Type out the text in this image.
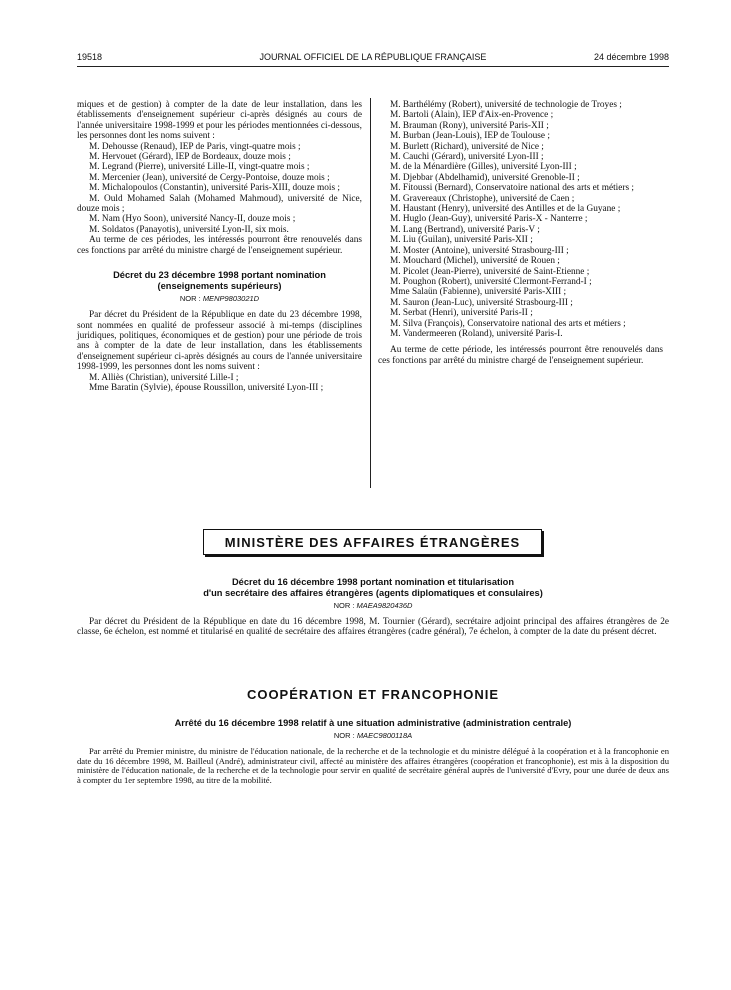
19518	JOURNAL OFFICIEL DE LA RÉPUBLIQUE FRANÇAISE	24 décembre 1998

miques et de gestion) à compter de la date de leur installation, dans les établissements d'enseignement supérieur ci-après désignés au cours de l'année universitaire 1998-1999 et pour les périodes mentionnées ci-dessous, les personnes dont les noms suivent :

M. Dehousse (Renaud), IEP de Paris, vingt-quatre mois ;

M. Hervouet (Gérard), IEP de Bordeaux, douze mois ;

M. Legrand (Pierre), université Lille-II, vingt-quatre mois ;

M. Mercenier (Jean), université de Cergy-Pontoise, douze mois ;

M. Michalopoulos (Constantin), université Paris-XIII, douze mois ;

M. Ould Mohamed Salah (Mohamed Mahmoud), université de Nice, douze mois ;

M. Nam (Hyo Soon), université Nancy-II, douze mois ;

M. Soldatos (Panayotis), université Lyon-II, six mois.

Au terme de ces périodes, les intéressés pourront être renouvelés dans ces fonctions par arrêté du ministre chargé de l'enseignement supérieur.

Décret du 23 décembre 1998 portant nomination
(enseignements supérieurs)
NOR : MENP9803021D

Par décret du Président de la République en date du 23 décembre 1998, sont nommées en qualité de professeur associé à mi-temps (disciplines juridiques, politiques, économiques et de gestion) pour une période de trois ans à compter de la date de leur installation, dans les établissements d'enseignement supérieur ci-après désignés au cours de l'année universitaire 1998-1999, les personnes dont les noms suivent :

M. Alliès (Christian), université Lille-I ;

Mme Baratin (Sylvie), épouse Roussillon, université Lyon-III ;

M. Barthélémy (Robert), université de technologie de Troyes ;

M. Bartoli (Alain), IEP d'Aix-en-Provence ;

M. Brauman (Rony), université Paris-XII ;

M. Burban (Jean-Louis), IEP de Toulouse ;

M. Burlett (Richard), université de Nice ;

M. Cauchi (Gérard), université Lyon-III ;

M. de la Ménardière (Gilles), université Lyon-III ;

M. Djebbar (Abdelhamid), université Grenoble-II ;

M. Fitoussi (Bernard), Conservatoire national des arts et métiers ;

M. Gravereaux (Christophe), université de Caen ;

M. Haustant (Henry), université des Antilles et de la Guyane ;

M. Huglo (Jean-Guy), université Paris-X - Nanterre ;

M. Lang (Bertrand), université Paris-V ;

M. Liu (Guilan), université Paris-XII ;

M. Moster (Antoine), université Strasbourg-III ;

M. Mouchard (Michel), université de Rouen ;

M. Picolet (Jean-Pierre), université de Saint-Etienne ;

M. Poughon (Robert), université Clermont-Ferrand-I ;

Mme Salaün (Fabienne), université Paris-XIII ;

M. Sauron (Jean-Luc), université Strasbourg-III ;

M. Serbat (Henri), université Paris-II ;

M. Silva (François), Conservatoire national des arts et métiers ;

M. Vandermeeren (Roland), université Paris-I.

Au terme de cette période, les intéressés pourront être renouvelés dans ces fonctions par arrêté du ministre chargé de l'enseignement supérieur.

MINISTÈRE DES AFFAIRES ÉTRANGÈRES
Décret du 16 décembre 1998 portant nomination et titularisation
d'un secrétaire des affaires étrangères (agents diplomatiques et consulaires)
NOR : MAEA9820436D

Par décret du Président de la République en date du 16 décembre 1998, M. Tournier (Gérard), secrétaire adjoint principal des affaires étrangères de 2e classe, 6e échelon, est nommé et titularisé en qualité de secrétaire des affaires étrangères (cadre général), 7e échelon, à compter de la date du présent décret.

COOPÉRATION ET FRANCOPHONIE
Arrêté du 16 décembre 1998 relatif à une situation administrative (administration centrale)
NOR : MAEC9800118A

Par arrêté du Premier ministre, du ministre de l'éducation nationale, de la recherche et de la technologie et du ministre délégué à la coopération et à la francophonie en date du 16 décembre 1998, M. Bailleul (André), administrateur civil, affecté au ministère des affaires étrangères (coopération et francophonie), est mis à la disposition du ministère de l'éducation nationale, de la recherche et de la technologie pour servir en qualité de secrétaire général auprès de l'université d'Evry, pour une durée de deux ans à compter du 1er septembre 1998, au titre de la mobilité.
